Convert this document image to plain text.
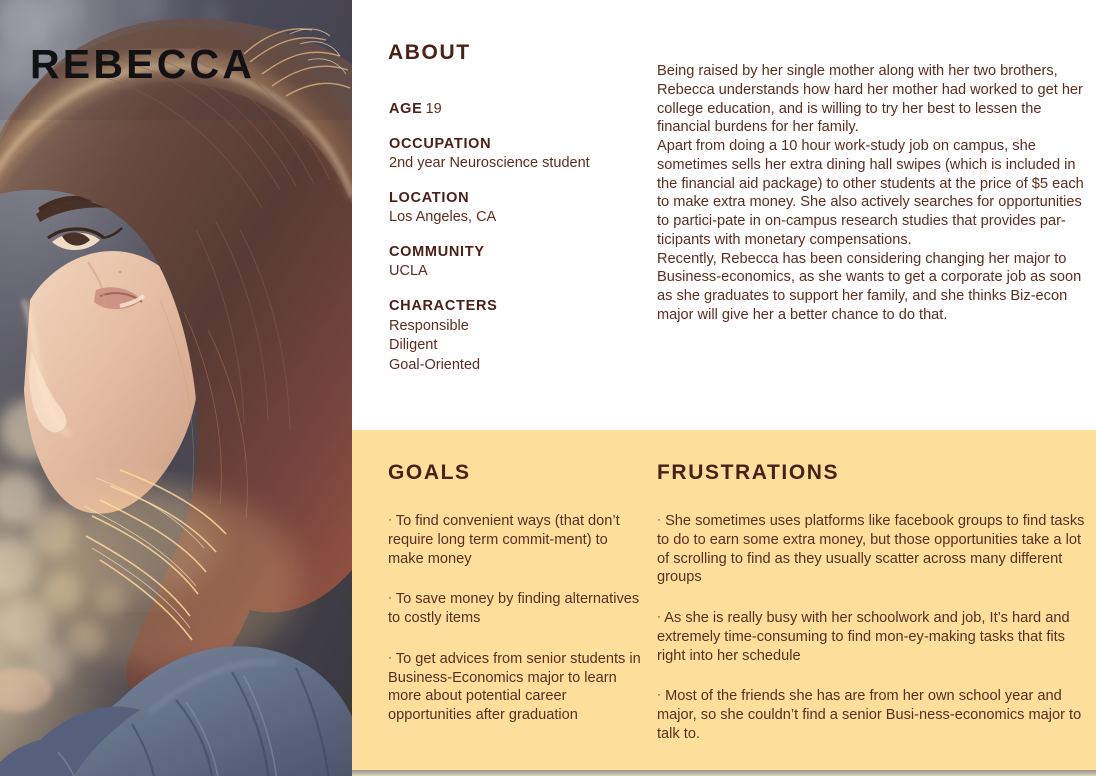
REBECCA	ABOUT
AGE 19
OCCUPATION
2nd year Neuroscience student
LOCATION
Los Angeles, CA
COMMUNITY
UCLA
CHARACTERS
Responsible
Diligent
Goal-Oriented

Being raised by her single mother along with her two brothers, Rebecca understands how hard her mother had worked to get her college education, and is willing to try her best to lessen the financial burdens for her family.

Apart from doing a 10 hour work-study job on campus, she sometimes sells her extra dining hall swipes (which is included in the financial aid package) to other students at the price of $5 each to make extra money. She also actively searches for opportunities to partici-pate in on-campus research studies that provides par-ticipants with monetary compensations.

Recently, Rebecca has been considering changing her major to Business-economics, as she wants to get a corporate job as soon as she graduates to support her family, and she thinks Biz-econ major will give her a better chance to do that.

GOALS

· To find convenient ways (that don’t require long term commit-ment) to make money

· To save money by finding alternatives to costly items

· To get advices from senior students in Business-Economics major to learn more about potential career opportunities after graduation

FRUSTRATIONS

· She sometimes uses platforms like facebook groups to find tasks to do to earn some extra money, but those opportunities take a lot of scrolling to find as they usually scatter across many different groups

· As she is really busy with her schoolwork and job, It’s hard and extremely time-consuming to find mon-ey-making tasks that fits right into her schedule

· Most of the friends she has are from her own school year and major, so she couldn’t find a senior Busi-ness-economics major to talk to.
